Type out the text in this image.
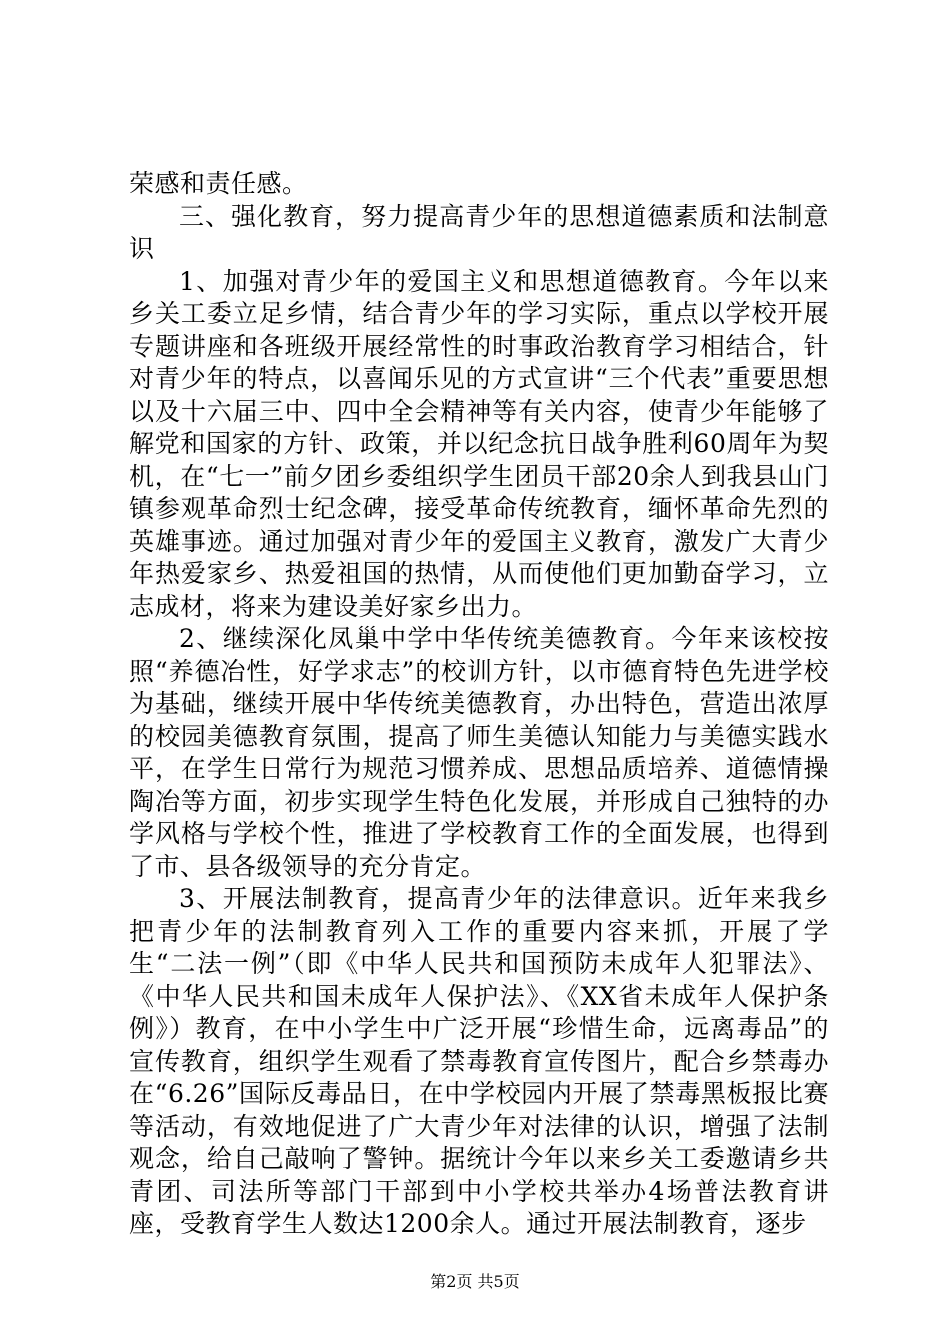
荣感和责任感。

三、强化教育，努力提高青少年的思想道德素质和法制意识

1、加强对青少年的爱国主义和思想道德教育。今年以来乡关工委立足乡情，结合青少年的学习实际，重点以学校开展专题讲座和各班级开展经常性的时事政治教育学习相结合，针对青少年的特点，以喜闻乐见的方式宣讲“三个代表”重要思想以及十六届三中、四中全会精神等有关内容，使青少年能够了解党和国家的方针、政策，并以纪念抗日战争胜利60周年为契机，在“七一”前夕团乡委组织学生团员干部20余人到我县山门镇参观革命烈士纪念碑，接受革命传统教育，缅怀革命先烈的英雄事迹。通过加强对青少年的爱国主义教育，激发广大青少年热爱家乡、热爱祖国的热情，从而使他们更加勤奋学习，立志成材，将来为建设美好家乡出力。

2、继续深化凤巢中学中华传统美德教育。今年来该校按照“养德冶性，好学求志”的校训方针，以市德育特色先进学校为基础，继续开展中华传统美德教育，办出特色，营造出浓厚的校园美德教育氛围，提高了师生美德认知能力与美德实践水平，在学生日常行为规范习惯养成、思想品质培养、道德情操陶冶等方面，初步实现学生特色化发展，并形成自己独特的办学风格与学校个性，推进了学校教育工作的全面发展，也得到了市、县各级领导的充分肯定。

3、开展法制教育，提高青少年的法律意识。近年来我乡把青少年的法制教育列入工作的重要内容来抓，开展了学生“二法一例”（即《中华人民共和国预防未成年人犯罪法》、《中华人民共和国未成年人保护法》、《XX省未成年人保护条例》）教育，在中小学生中广泛开展“珍惜生命，远离毒品”的宣传教育，组织学生观看了禁毒教育宣传图片，配合乡禁毒办在“6.26”国际反毒品日，在中学校园内开展了禁毒黑板报比赛等活动，有效地促进了广大青少年对法律的认识，增强了法制观念，给自己敲响了警钟。据统计今年以来乡关工委邀请乡共青团、司法所等部门干部到中小学校共举办4场普法教育讲座，受教育学生人数达1200余人。通过开展法制教育，逐步

第2页 共5页
